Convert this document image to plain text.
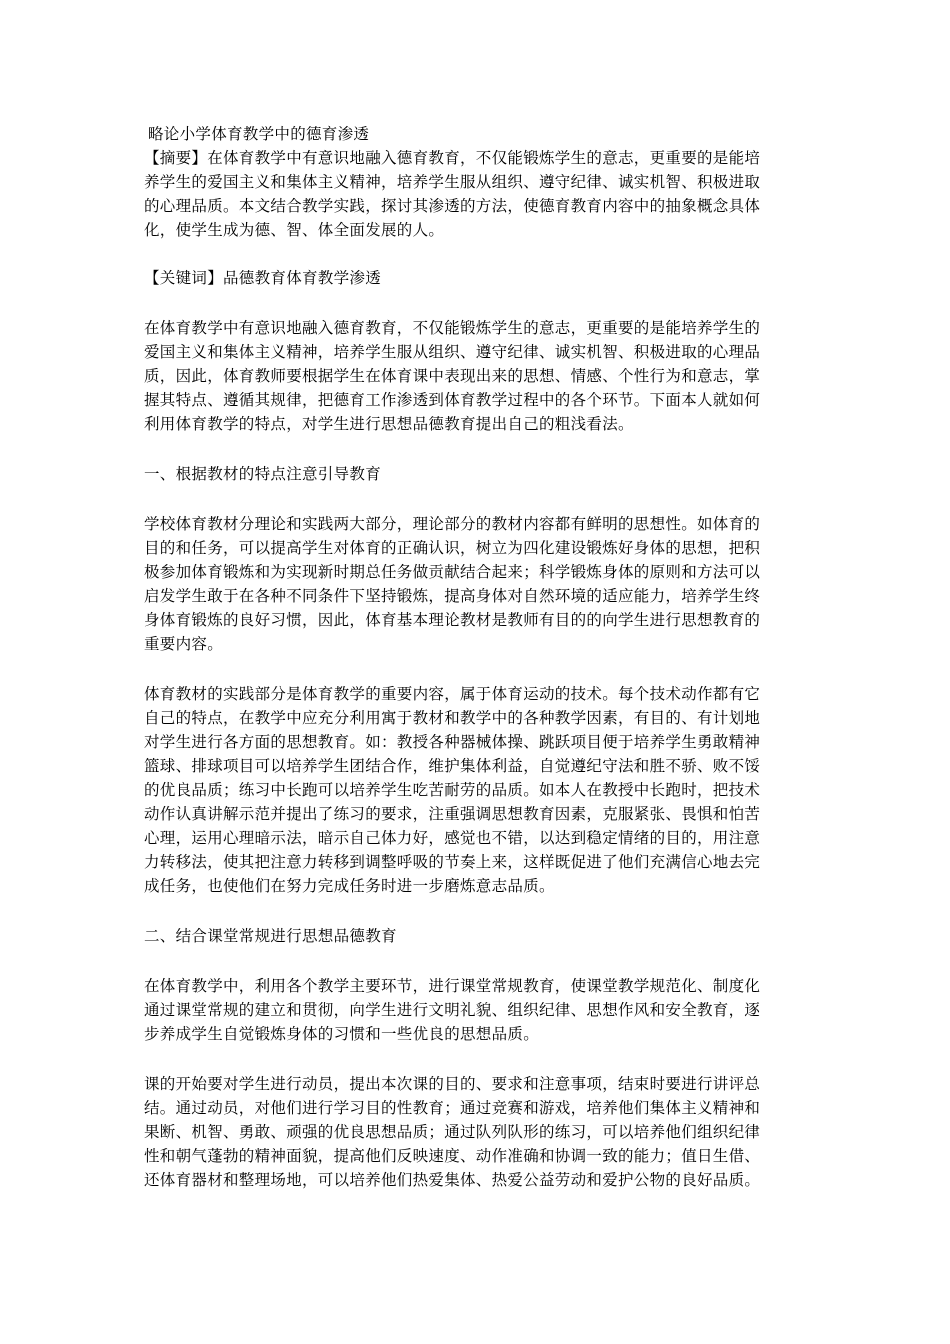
略论小学体育教学中的德育渗透
【摘要】在体育教学中有意识地融入德育教育，不仅能锻炼学生的意志，更重要的是能培
养学生的爱国主义和集体主义精神，培养学生服从组织、遵守纪律、诚实机智、积极进取
的心理品质。本文结合教学实践，探讨其渗透的方法，使德育教育内容中的抽象概念具体
化，使学生成为德、智、体全面发展的人。
【关键词】品德教育体育教学渗透
在体育教学中有意识地融入德育教育，不仅能锻炼学生的意志，更重要的是能培养学生的
爱国主义和集体主义精神，培养学生服从组织、遵守纪律、诚实机智、积极进取的心理品
质，因此，体育教师要根据学生在体育课中表现出来的思想、情感、个性行为和意志，掌
握其特点、遵循其规律，把德育工作渗透到体育教学过程中的各个环节。下面本人就如何
利用体育教学的特点，对学生进行思想品德教育提出自己的粗浅看法。
一、根据教材的特点注意引导教育
学校体育教材分理论和实践两大部分，理论部分的教材内容都有鲜明的思想性。如体育的
目的和任务，可以提高学生对体育的正确认识，树立为四化建设锻炼好身体的思想，把积
极参加体育锻炼和为实现新时期总任务做贡献结合起来；科学锻炼身体的原则和方法可以
启发学生敢于在各种不同条件下坚持锻炼，提高身体对自然环境的适应能力，培养学生终
身体育锻炼的良好习惯，因此，体育基本理论教材是教师有目的的向学生进行思想教育的
重要内容。
体育教材的实践部分是体育教学的重要内容，属于体育运动的技术。每个技术动作都有它
自己的特点，在教学中应充分利用寓于教材和教学中的各种教学因素，有目的、有计划地
对学生进行各方面的思想教育。如：教授各种器械体操、跳跃项目便于培养学生勇敢精神
篮球、排球项目可以培养学生团结合作，维护集体利益，自觉遵纪守法和胜不骄、败不馁
的优良品质；练习中长跑可以培养学生吃苦耐劳的品质。如本人在教授中长跑时，把技术
动作认真讲解示范并提出了练习的要求，注重强调思想教育因素，克服紧张、畏惧和怕苦
心理，运用心理暗示法，暗示自己体力好，感觉也不错，以达到稳定情绪的目的，用注意
力转移法，使其把注意力转移到调整呼吸的节奏上来，这样既促进了他们充满信心地去完
成任务，也使他们在努力完成任务时进一步磨炼意志品质。
二、结合课堂常规进行思想品德教育
在体育教学中，利用各个教学主要环节，进行课堂常规教育，使课堂教学规范化、制度化
通过课堂常规的建立和贯彻，向学生进行文明礼貌、组织纪律、思想作风和安全教育，逐
步养成学生自觉锻炼身体的习惯和一些优良的思想品质。
课的开始要对学生进行动员，提出本次课的目的、要求和注意事项，结束时要进行讲评总
结。通过动员，对他们进行学习目的性教育；通过竞赛和游戏，培养他们集体主义精神和
果断、机智、勇敢、顽强的优良思想品质；通过队列队形的练习，可以培养他们组织纪律
性和朝气蓬勃的精神面貌，提高他们反映速度、动作准确和协调一致的能力；值日生借、
还体育器材和整理场地，可以培养他们热爱集体、热爱公益劳动和爱护公物的良好品质。
